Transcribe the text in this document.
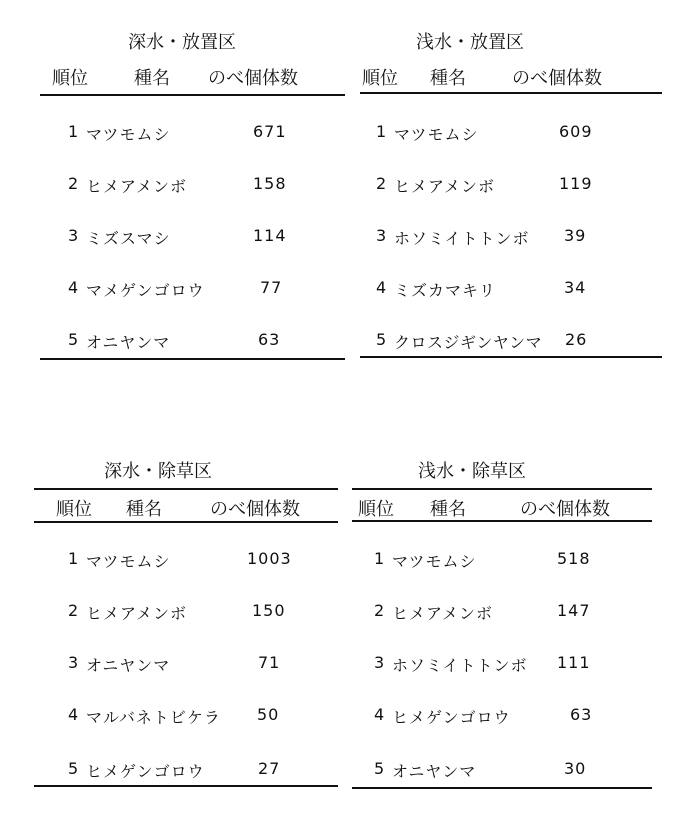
深水・放置区
順位	種名 のべ個体数
1 マツモムシ	671
2 ヒメアメンボ	158
3 ミズスマシ	114
4 マメゲンゴロウ	77
5 オニヤンマ	63
浅水・放置区
順位 種名	のべ個体数
1 マツモムシ	609
2 ヒメアメンボ	119
3 ホソミイトトンボ 39
4 ミズカマキリ	34
5 クロスジギンヤンマ 26
深水・除草区
順位 種名	のべ個体数
1 マツモムシ	1003
2 ヒメアメンボ	150
3 オニヤンマ	71
4 マルバネトビケラ 50
5 ヒメゲンゴロウ	27
浅水・除草区
順位 種名	のべ個体数
1 マツモムシ	518
2 ヒメアメンボ	147
3 ホソミイトトンボ 111
4 ヒメゲンゴロウ	63
5 オニヤンマ	30
